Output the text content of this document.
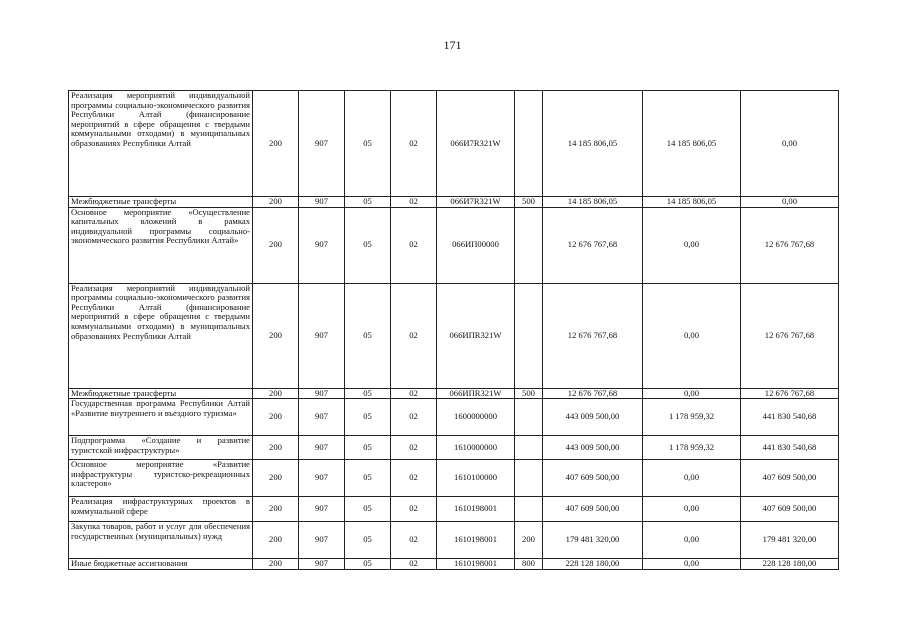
171
Реализация мероприятий индивидуальной программы социально-экономического развития Республики Алтай (финансирование мероприятий в сфере обращения с твердыми коммунальными отходами) в муниципальных образованиях Республики Алтай	200	907	05	02	066И7R321W		14 185 806,05	14 185 806,05	0,00
Межбюджетные трансферты	200	907	05	02	066И7R321W	500	14 185 806,05	14 185 806,05	0,00
Основное мероприятие «Осуществление капитальных вложений в рамках индивидуальной программы социально-экономического развития Республики Алтай»	200	907	05	02	066ИП00000		12 676 767,68	0,00	12 676 767,68
Реализация мероприятий индивидуальной программы социально-экономического развития Республики Алтай (финансирование мероприятий в сфере обращения с твердыми коммунальными отходами) в муниципальных образованиях Республики Алтай	200	907	05	02	066ИПR321W		12 676 767,68	0,00	12 676 767,68
Межбюджетные трансферты	200	907	05	02	066ИПR321W	500	12 676 767,68	0,00	12 676 767,68
Государственная программа Республики Алтай «Развитие внутреннего и въездного туризма»	200	907	05	02	1600000000		443 009 500,00	1 178 959,32	441 830 540,68
Подпрограмма «Создание и развитие туристской инфраструктуры»	200	907	05	02	1610000000		443 009 500,00	1 178 959,32	441 830 540,68
Основное мероприятие «Развитие инфраструктуры туристско-рекреационных кластеров»	200	907	05	02	1610100000		407 609 500,00	0,00	407 609 500,00
Реализация инфраструктурных проектов в коммунальной сфере	200	907	05	02	1610198001		407 609 500,00	0,00	407 609 500,00
Закупка товаров, работ и услуг для обеспечения государственных (муниципальных) нужд	200	907	05	02	1610198001	200	179 481 320,00	0,00	179 481 320,00
Иные бюджетные ассигнования	200	907	05	02	1610198001	800	228 128 180,00	0,00	228 128 180,00
